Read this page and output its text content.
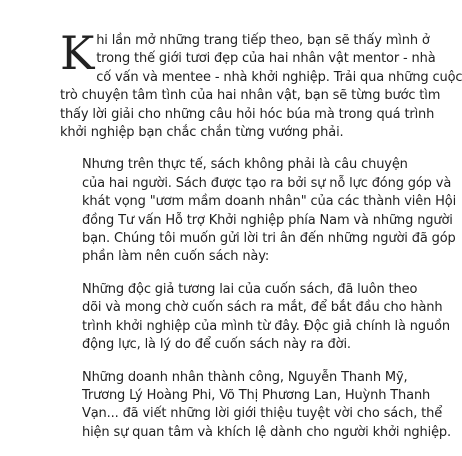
K hi lần mở những trang tiếp theo, bạn sẽ thấy mình ở
trong thế giới tươi đẹp của hai nhân vật mentor - nhà
cố vấn và mentee - nhà khởi nghiệp. Trải qua những cuộc
trò chuyện tâm tình của hai nhân vật, bạn sẽ từng bước tìm
thấy lời giải cho những câu hỏi hóc búa mà trong quá trình
khởi nghiệp bạn chắc chắn từng vướng phải.

Nhưng trên thực tế, sách không phải là câu chuyện
của hai người. Sách được tạo ra bởi sự nỗ lực đóng góp và
khát vọng "ươm mầm doanh nhân" của các thành viên Hội
đồng Tư vấn Hỗ trợ Khởi nghiệp phía Nam và những người
bạn. Chúng tôi muốn gửi lời tri ân đến những người đã góp
phần làm nên cuốn sách này:

Những độc giả tương lai của cuốn sách, đã luôn theo
dõi và mong chờ cuốn sách ra mắt, để bắt đầu cho hành
trình khởi nghiệp của mình từ đây. Độc giả chính là nguồn
động lực, là lý do để cuốn sách này ra đời.

Những doanh nhân thành công, Nguyễn Thanh Mỹ,
Trương Lý Hoàng Phi, Võ Thị Phương Lan, Huỳnh Thanh
Vạn... đã viết những lời giới thiệu tuyệt vời cho sách, thể
hiện sự quan tâm và khích lệ dành cho người khởi nghiệp.
